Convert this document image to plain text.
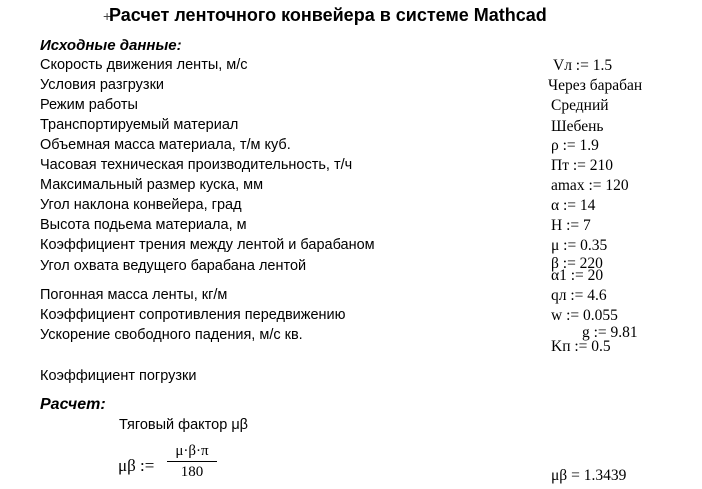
+
Расчет ленточного конвейера в системе Mathcad
Исходные данные:
Скорость движения ленты, м/с
Условия разгрузки
Режим работы
Транспортируемый материал
Объемная масса материала, т/м куб.
Часовая техническая производительность, т/ч
Максимальный размер куска, мм
Угол наклона конвейера, град
Высота подьема материала, м
Коэффициент трения между лентой и барабаном
Угол охвата ведущего барабана лентой
Погонная масса ленты, кг/м
Коэффициент сопротивления передвижению
Ускорение свободного падения, м/с кв.
Коэффициент погрузки
Vл := 1.5
Через барабан
Средний
Шебень
ρ := 1.9
Пт := 210
amax := 120
α := 14
H := 7
μ := 0.35
β := 220
α1 := 20
qл := 4.6
w := 0.055
g := 9.81
Kп := 0.5
Расчет:
Тяговый фактор μβ
μβ :=
μ·β·π
180	μβ = 1.3439
